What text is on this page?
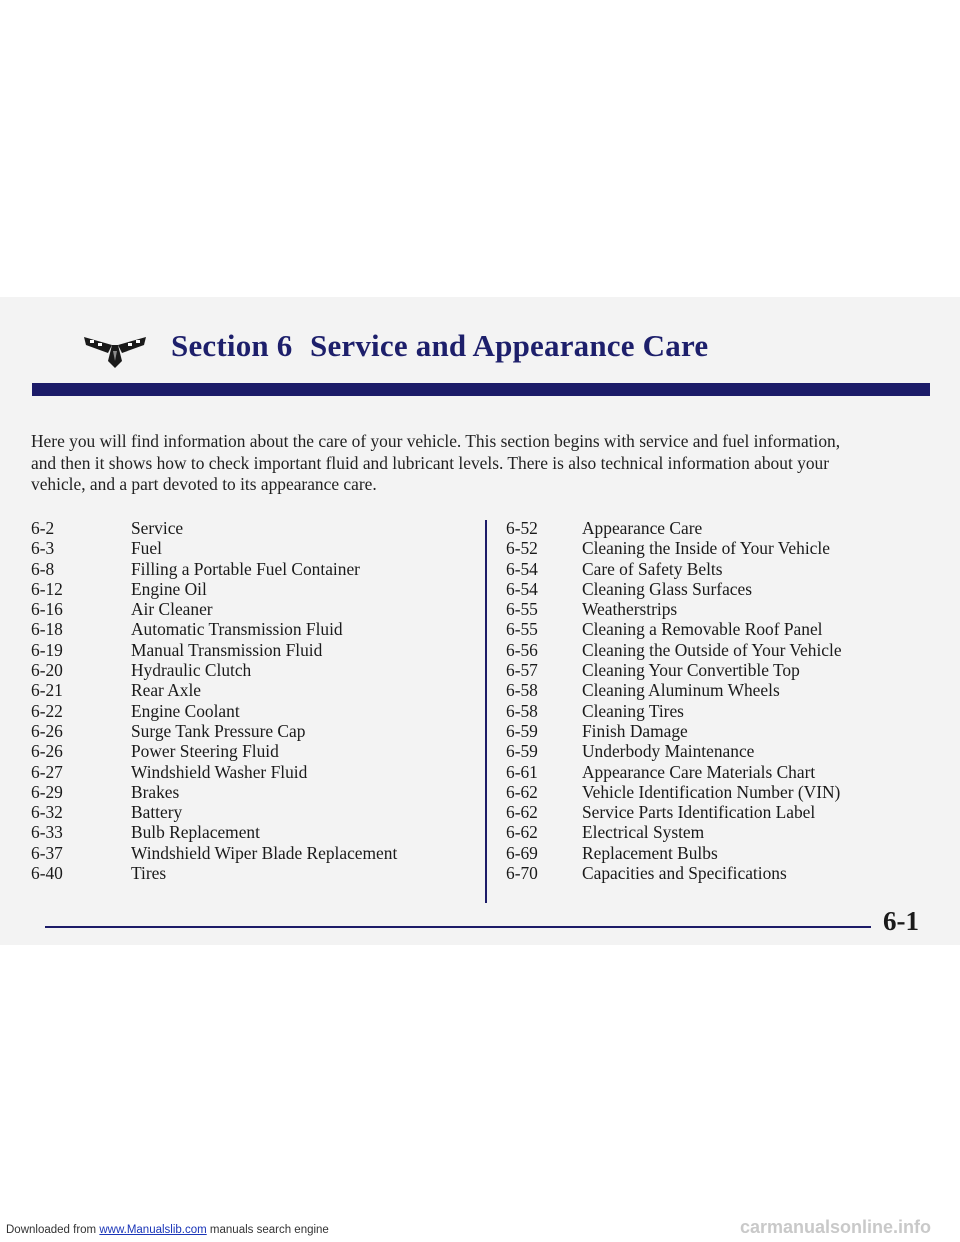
Section 6 Service and Appearance Care

Here you will find information about the care of your vehicle. This section begins with service and fuel information,

and then it shows how to check important fluid and lubricant levels. There is also technical information about your

vehicle, and a part devoted to its appearance care.

6-2	Service
6-3	Fuel
6-8	Filling a Portable Fuel Container
6-12	Engine Oil
6-16	Air Cleaner
6-18	Automatic Transmission Fluid
6-19	Manual Transmission Fluid
6-20	Hydraulic Clutch
6-21	Rear Axle
6-22	Engine Coolant
6-26	Surge Tank Pressure Cap
6-26	Power Steering Fluid
6-27	Windshield Washer Fluid
6-29	Brakes
6-32	Battery
6-33	Bulb Replacement
6-37	Windshield Wiper Blade Replacement
6-40	Tires
6-52	Appearance Care
6-52	Cleaning the Inside of Your Vehicle
6-54	Care of Safety Belts
6-54	Cleaning Glass Surfaces
6-55	Weatherstrips
6-55	Cleaning a Removable Roof Panel
6-56	Cleaning the Outside of Your Vehicle
6-57	Cleaning Your Convertible Top
6-58	Cleaning Aluminum Wheels
6-58	Cleaning Tires
6-59	Finish Damage
6-59	Underbody Maintenance
6-61	Appearance Care Materials Chart
6-62	Vehicle Identification Number (VIN)
6-62	Service Parts Identification Label
6-62	Electrical System
6-69	Replacement Bulbs
6-70	Capacities and Specifications
6-1
Downloaded from www.Manualslib.com manuals search engine	carmanualsonline.info
